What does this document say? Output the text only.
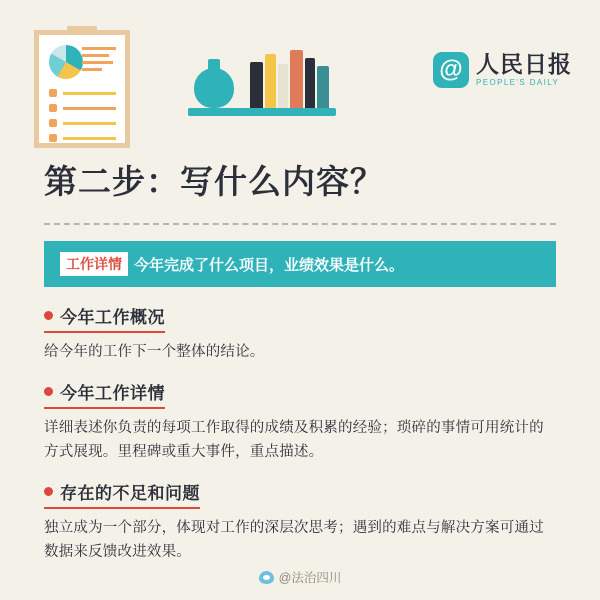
@ 人民日报
PEOPLE'S DAILY
第二步：写什么内容？
工作详情 今年完成了什么项目，业绩效果是什么。
今年工作概况

给今年的工作下一个整体的结论。

今年工作详情

详细表述你负责的每项工作取得的成绩及积累的经验；琐碎的事情可用统计的方式展现。里程碑或重大事件，重点描述。

存在的不足和问题

独立成为一个部分，体现对工作的深层次思考；遇到的难点与解决方案可通过数据来反馈改进效果。

@法治四川
